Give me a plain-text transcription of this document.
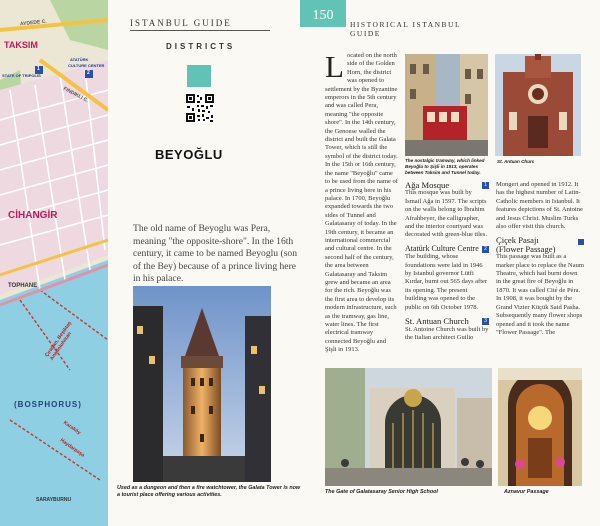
TAKSIM
1
2
ATATÜRK
CULTURE CENTER
STATE OF TRIPOLIS
AYDEDE C.
FINDIKLI C.
CİHANGİR
TOPHANE
Çırağan, Beşiktaş
Anadoluhisarı
(BOSPHORUS)
Karaköy
Haydarpaşa
SARAYBURNU
ISTANBUL GUIDE
DISTRICTS
BEYOĞLU
The old name of Beyoglu was Pera, meaning "the opposite-shore". In the 16th century, it came to be named Beyoglu (son of the Bey) because of a prince living here in his palace.
Used as a dungeon and then a fire watchtower, the Galata Tower is now a tourist place offering various activities.
150
HISTORICAL ISTANBUL GUIDE
L ocated on the north side of the Golden Horn, the district was opened to settlement by the Byzantine emperors in the 5th century and was called Pera, meaning "the opposite shore". In the 14th century, the Genoese walled the district and built the Galata Tower, which is still the symbol of the district today. In the 15th or 16th century, the name "Beyoğlu" came to be used from the name of a prince living here in his palace. In 1700, Beyoğlu expanded towards the two sides of Tunnel and Galatasaray of today. In the 19th century, it became an international commercial and cultural centre. In the second half of the century, the area between Galatasaray and Taksim grew and became an area for the rich. Beyoğlu was the first area to develop its modern infrastructure, such as the tramway, gas line, water lines. The first electrical tramway connected Beyoğlu and Şişli in 1913.
The nostalgic tramway, which linked Beyoğlu to Şişli in 1913, operates between Taksim and Tunnel today.
St. Antuan Churc
Ağa Mosque	1
This mosque was built by İsmail Ağa in 1597. The scripts on the walls belong to İbrahim Afrahbeyer, the calligrapher, and the interior courtyard was decorated with green-blue tiles.
Atatürk Culture Centre	2
The building, whose foundations were laid in 1946 by Istanbul governor Lütfi Kırdar, burnt out 565 days after its opening. The present building was opened to the public on 6th October 1978.
St. Antuan Church	3
St. Antoine Church was built by the Italian architect Guilio
Mongeri and opened in 1912. It has the highest number of Latin-Catholic members in Istanbul. It features depictions of St. Antoine and Jesus Christ. Muslim Turks also offer visit this church.
Çiçek Pasajı
(Flower Passage)
This passage was built as a marker place to replace the Naum Theatre, which had burnt down in the great fire of Beyoğlu in 1870. It was called Cité de Péra. In 1908, it was bought by the Grand Vizier Küçük Said Pasha. Subsequently many flower shops opened and it took the name "Flower Passage". The
The Gate of Galatasaray Senior High School	Aznavur Passage
